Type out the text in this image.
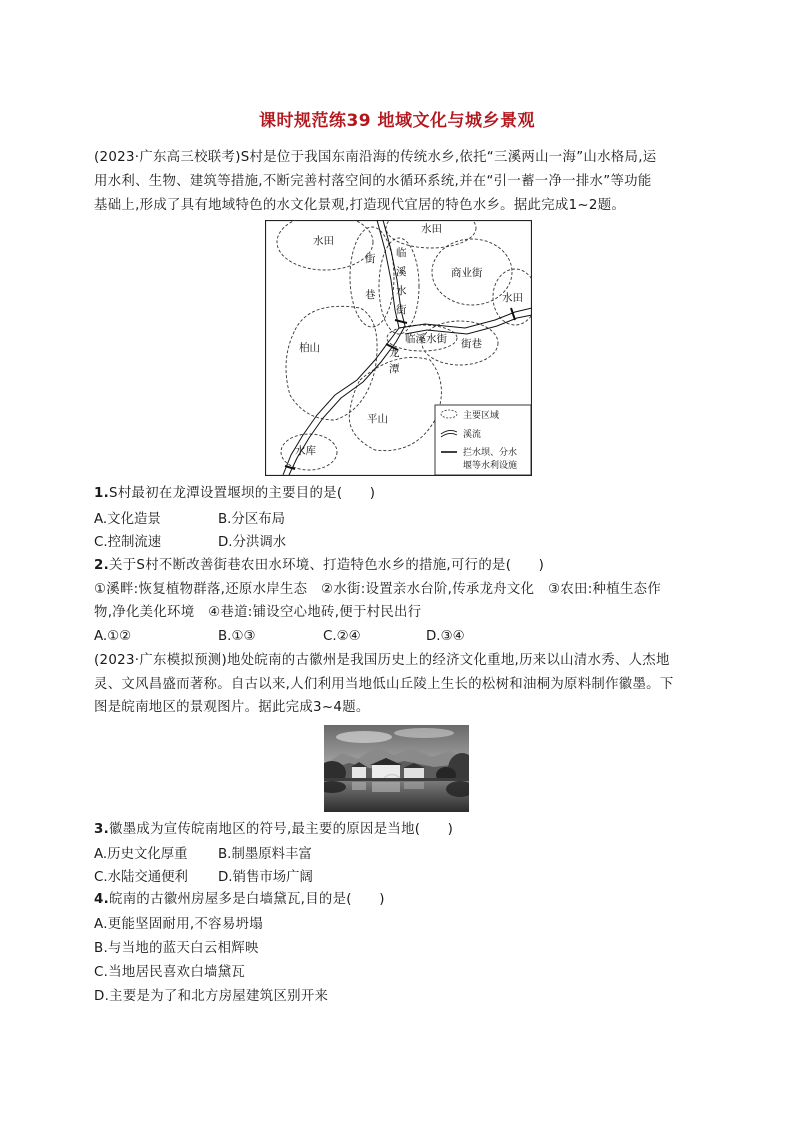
课时规范练39 地域文化与城乡景观
(2023·广东高三校联考)S村是位于我国东南沿海的传统水乡,依托“三溪两山一海”山水格局,运
用水利、生物、建筑等措施,不断完善村落空间的水循环系统,并在“引一蓄一净一排水”等功能
基础上,形成了具有地域特色的水文化景观,打造现代宜居的特色水乡。据此完成1~2题。
水田
水田
水田
街
巷
临
溪
水
街
商业街
临溪水街 街巷
柏山	龙
潭
平山
水库
主要区域
溪流
拦水坝、分水
堰等水利设施
1.S村最初在龙潭设置堰坝的主要目的是(　　)
A.文化造景	B.分区布局
C.控制流速	D.分洪调水
2.关于S村不断改善街巷农田水环境、打造特色水乡的措施,可行的是(　　)
①溪畔:恢复植物群落,还原水岸生态　②水街:设置亲水台阶,传承龙舟文化　③农田:种植生态作
物,净化美化环境　④巷道:铺设空心地砖,便于村民出行
A.①②	B.①③	C.②④	D.③④
(2023·广东模拟预测)地处皖南的古徽州是我国历史上的经济文化重地,历来以山清水秀、人杰地
灵、文风昌盛而著称。自古以来,人们利用当地低山丘陵上生长的松树和油桐为原料制作徽墨。下
图是皖南地区的景观图片。据此完成3~4题。
3.徽墨成为宣传皖南地区的符号,最主要的原因是当地(　　)
A.历史文化厚重 B.制墨原料丰富
C.水陆交通便利 D.销售市场广阔
4.皖南的古徽州房屋多是白墙黛瓦,目的是(　　)
A.更能坚固耐用,不容易坍塌
B.与当地的蓝天白云相辉映
C.当地居民喜欢白墙黛瓦
D.主要是为了和北方房屋建筑区别开来
